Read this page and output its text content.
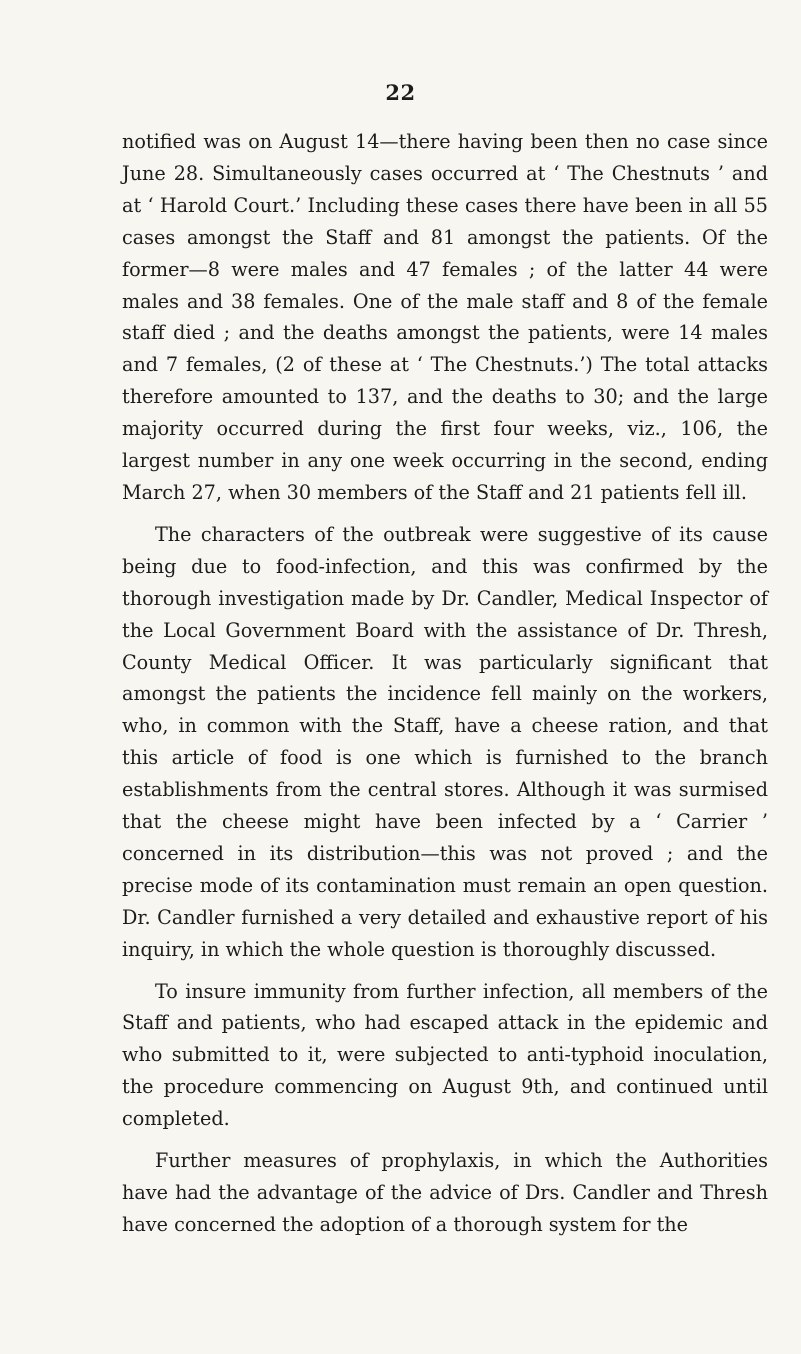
22

notified was on August 14—there having been then no case since June 28. Simultaneously cases occurred at ‘ The Chestnuts ’ and at ‘ Harold Court.’ Including these cases there have been in all 55 cases amongst the Staff and 81 amongst the patients. Of the former—8 were males and 47 females ; of the latter 44 were males and 38 females. One of the male staff and 8 of the female staff died ; and the deaths amongst the patients, were 14 males and 7 females, (2 of these at ‘ The Chestnuts.’) The total attacks therefore amounted to 137, and the deaths to 30; and the large majority occurred during the first four weeks, viz., 106, the largest number in any one week occurring in the second, ending March 27, when 30 members of the Staff and 21 patients fell ill.

The characters of the outbreak were suggestive of its cause being due to food-infection, and this was confirmed by the thorough investigation made by Dr. Candler, Medical Inspector of the Local Government Board with the assistance of Dr. Thresh, County Medical Officer. It was particularly significant that amongst the patients the incidence fell mainly on the workers, who, in common with the Staff, have a cheese ration, and that this article of food is one which is furnished to the branch establishments from the central stores. Although it was surmised that the cheese might have been infected by a ‘ Carrier ’ concerned in its distribution—this was not proved ; and the precise mode of its contamination must remain an open question. Dr. Candler furnished a very detailed and exhaustive report of his inquiry, in which the whole question is thoroughly discussed.

To insure immunity from further infection, all members of the Staff and patients, who had escaped attack in the epidemic and who submitted to it, were subjected to anti-typhoid inoculation, the procedure commencing on August 9th, and continued until completed.

Further measures of prophylaxis, in which the Authorities have had the advantage of the advice of Drs. Candler and Thresh have concerned the adoption of a thorough system for the
